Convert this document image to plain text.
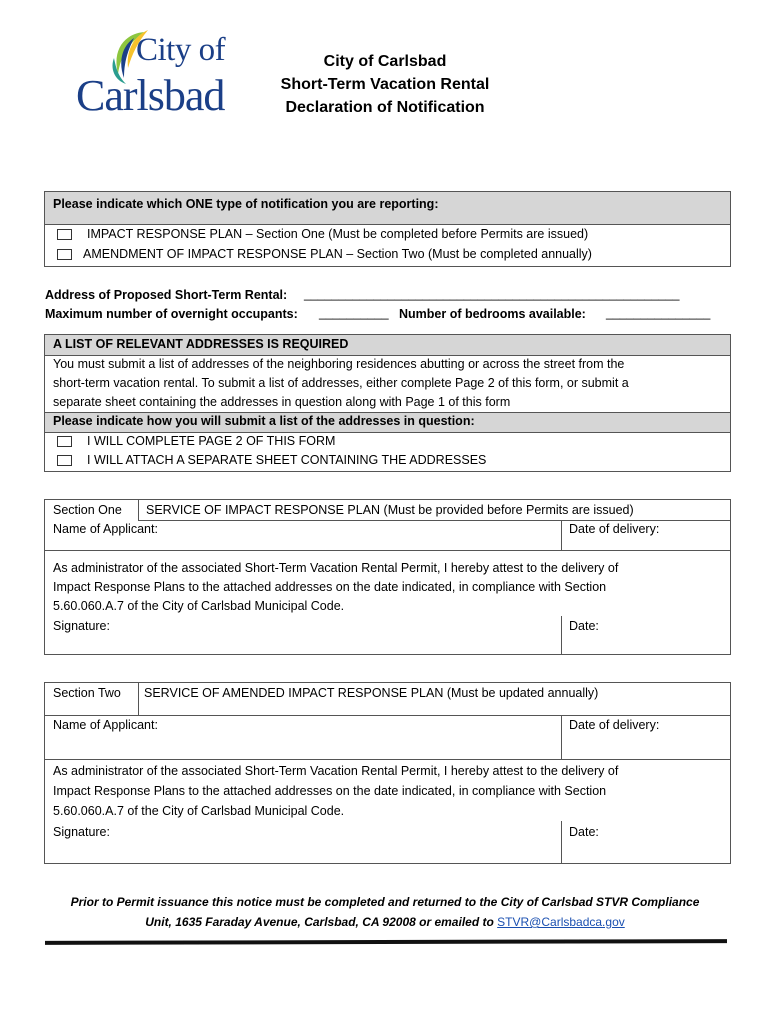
City of
Carlsbad
City of Carlsbad
Short-Term Vacation Rental
Declaration of Notification
Please indicate which ONE type of notification you are reporting:
IMPACT RESPONSE PLAN – Section One (Must be completed before Permits are issued)
AMENDMENT OF IMPACT RESPONSE PLAN – Section Two (Must be completed annually)
Address of Proposed Short-Term Rental: ______________________________________________________
Maximum number of overnight occupants: __________ Number of bedrooms available: _______________
A LIST OF RELEVANT ADDRESSES IS REQUIRED
You must submit a list of addresses of the neighboring residences abutting or across the street from the
short-term vacation rental. To submit a list of addresses, either complete Page 2 of this form, or submit a
separate sheet containing the addresses in question along with Page 1 of this form
Please indicate how you will submit a list of the addresses in question:
I WILL COMPLETE PAGE 2 OF THIS FORM
I WILL ATTACH A SEPARATE SHEET CONTAINING THE ADDRESSES
Section One SERVICE OF IMPACT RESPONSE PLAN (Must be provided before Permits are issued)
Name of Applicant:	Date of delivery:
As administrator of the associated Short-Term Vacation Rental Permit, I hereby attest to the delivery of
Impact Response Plans to the attached addresses on the date indicated, in compliance with Section
5.60.060.A.7 of the City of Carlsbad Municipal Code.
Signature:	Date:
Section Two SERVICE OF AMENDED IMPACT RESPONSE PLAN (Must be updated annually)
Name of Applicant:	Date of delivery:
As administrator of the associated Short-Term Vacation Rental Permit, I hereby attest to the delivery of
Impact Response Plans to the attached addresses on the date indicated, in compliance with Section
5.60.060.A.7 of the City of Carlsbad Municipal Code.
Signature:	Date:
Prior to Permit issuance this notice must be completed and returned to the City of Carlsbad STVR Compliance
Unit, 1635 Faraday Avenue, Carlsbad, CA 92008 or emailed to STVR@Carlsbadca.gov
